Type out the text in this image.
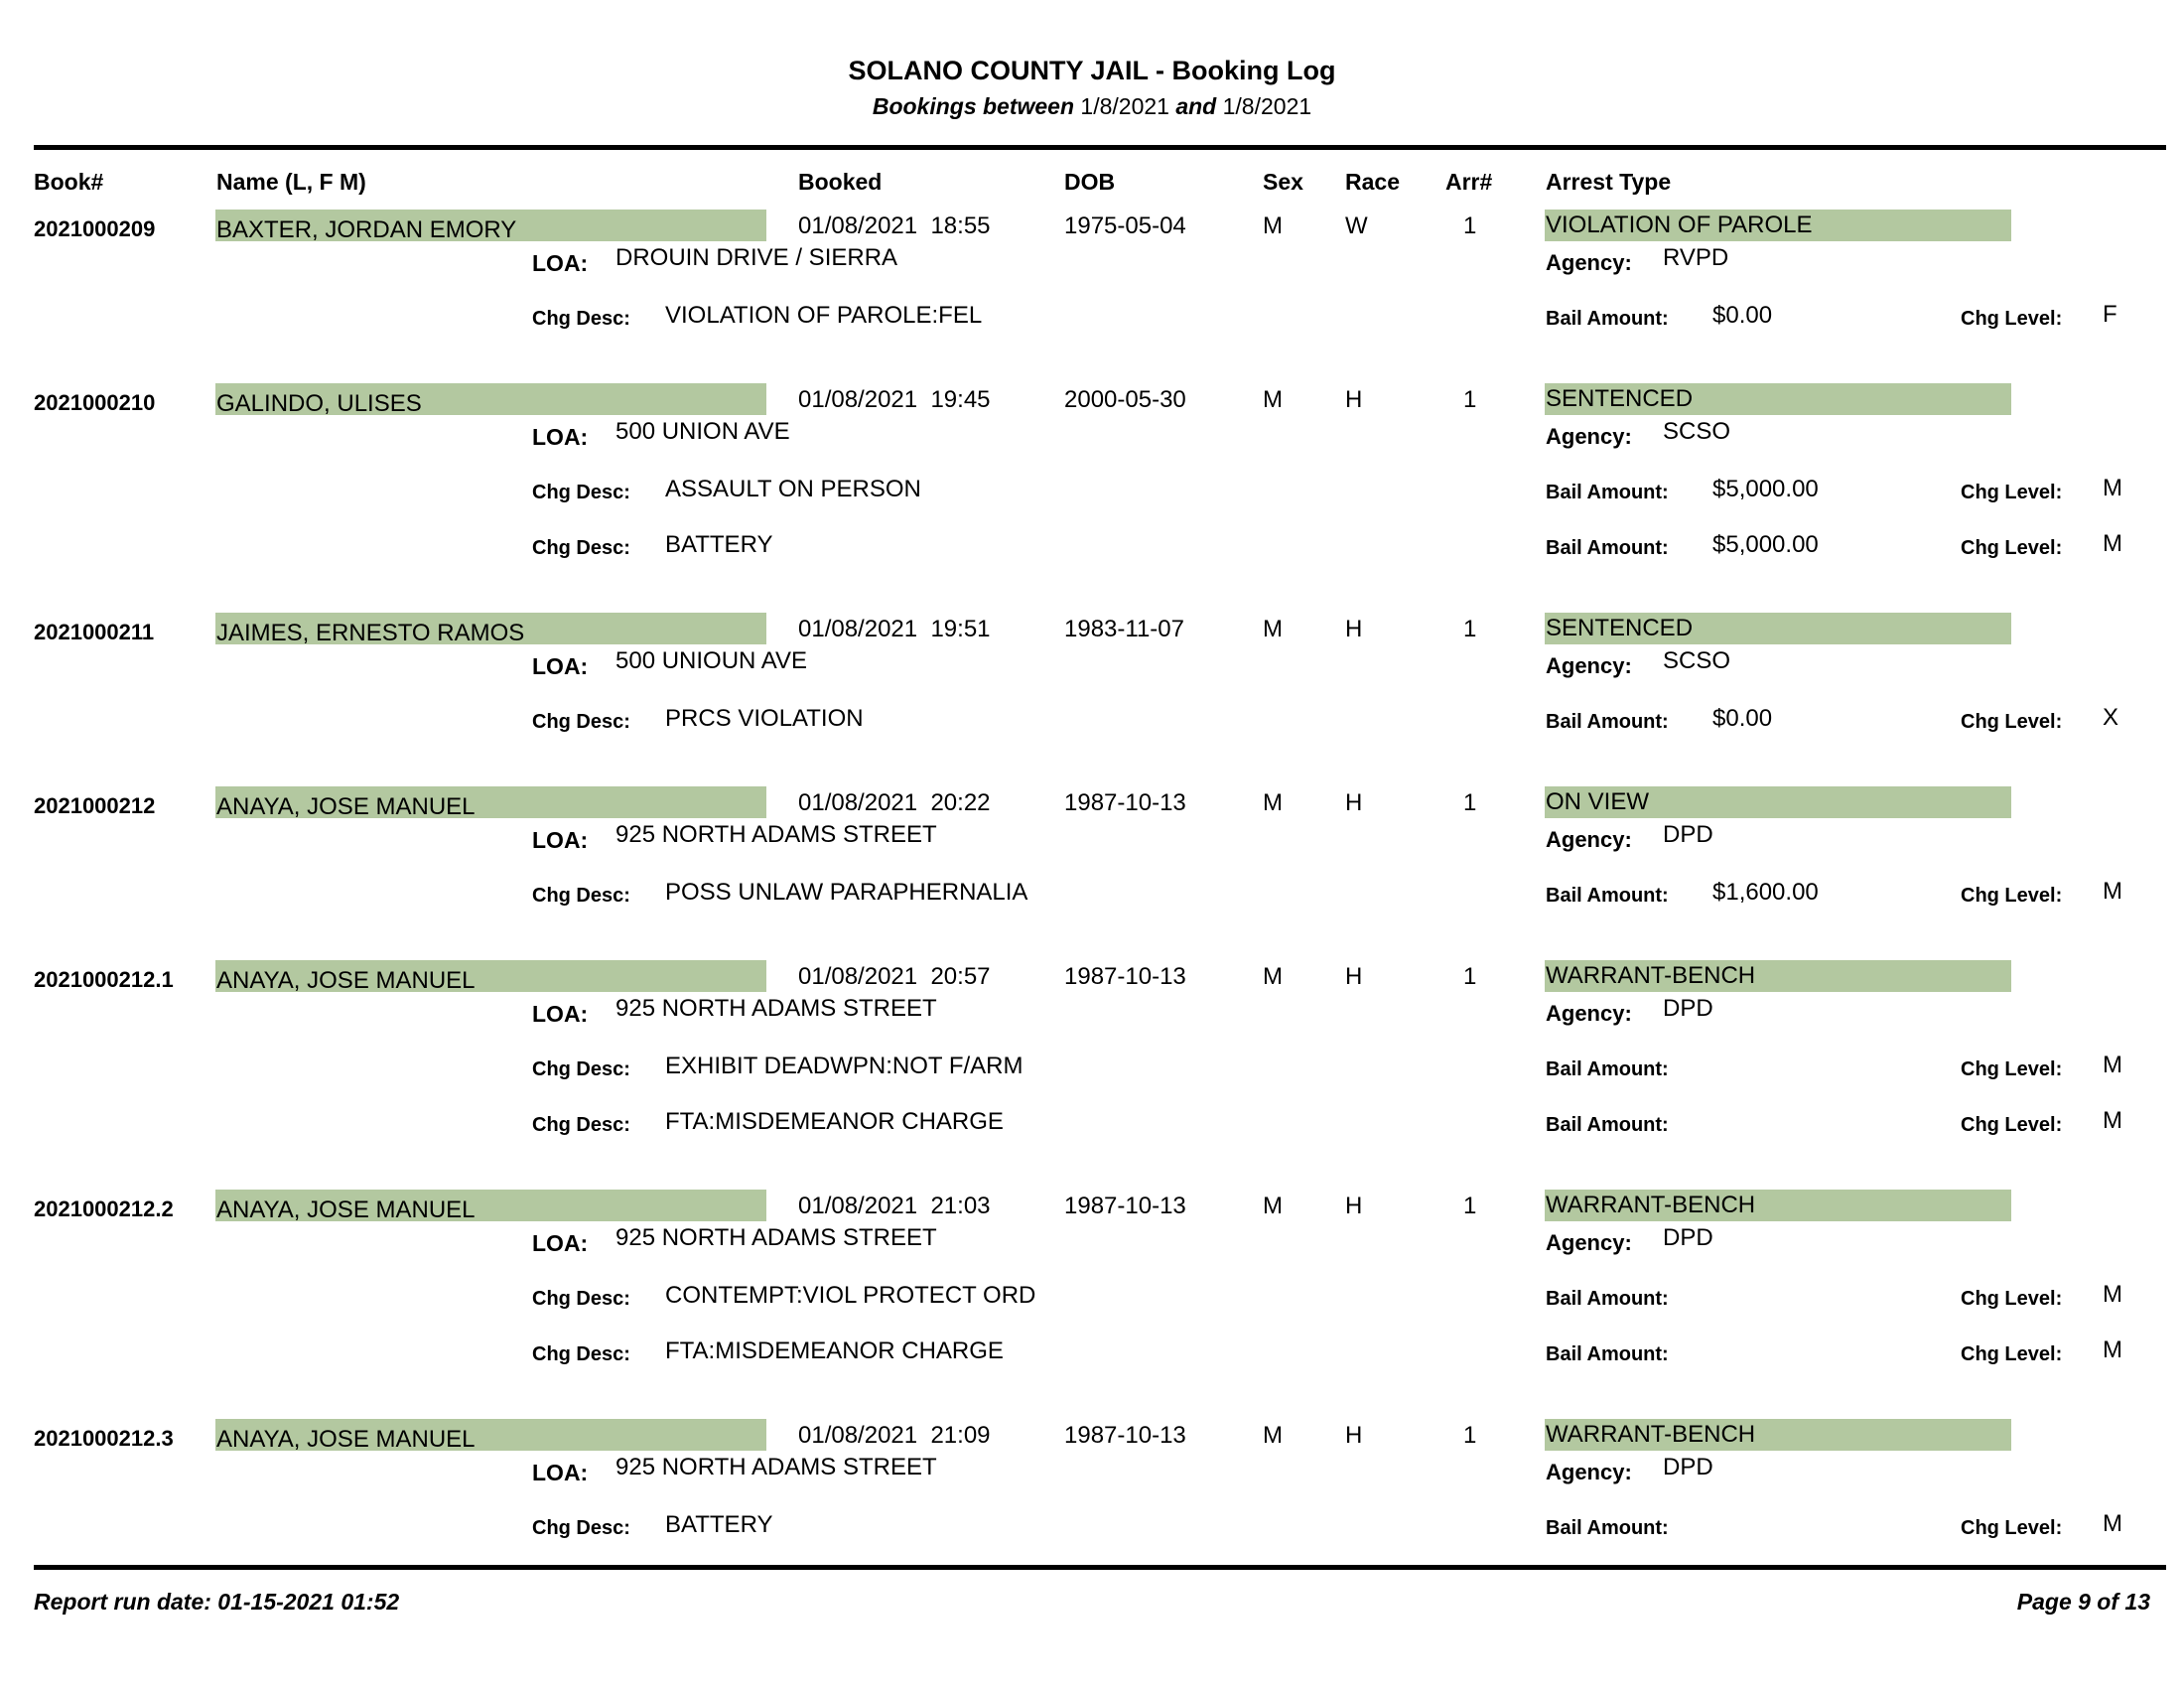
SOLANO COUNTY JAIL - Booking Log
Bookings between 1/8/2021 and 1/8/2021
Book#	Name (L, F M)	Booked	DOB	Sex Race Arr# Arrest Type
2021000209	BAXTER, JORDAN EMORY	01/08/2021  18:55	1975-05-04	M	W	1	VIOLATION OF PAROLE
LOA: DROUIN DRIVE / SIERRA	Agency: RVPD
Chg Desc: VIOLATION OF PAROLE:FEL	Bail Amount: $0.00	Chg Level: F
2021000210	GALINDO, ULISES	01/08/2021  19:45	2000-05-30	M	H	1	SENTENCED
LOA: 500 UNION AVE	Agency: SCSO
Chg Desc: ASSAULT ON PERSON	Bail Amount: $5,000.00	Chg Level: M
Chg Desc: BATTERY	Bail Amount: $5,000.00	Chg Level: M
2021000211	JAIMES, ERNESTO RAMOS	01/08/2021  19:51	1983-11-07	M	H	1	SENTENCED
LOA: 500 UNIOUN AVE	Agency: SCSO
Chg Desc: PRCS VIOLATION	Bail Amount: $0.00	Chg Level: X
2021000212	ANAYA, JOSE MANUEL	01/08/2021  20:22	1987-10-13	M	H	1	ON VIEW
LOA: 925 NORTH ADAMS STREET	Agency: DPD
Chg Desc: POSS UNLAW PARAPHERNALIA	Bail Amount: $1,600.00	Chg Level: M
2021000212.1 ANAYA, JOSE MANUEL	01/08/2021  20:57	1987-10-13	M	H	1	WARRANT-BENCH
LOA: 925 NORTH ADAMS STREET	Agency: DPD
Chg Desc: EXHIBIT DEADWPN:NOT F/ARM	Bail Amount:	Chg Level: M
Chg Desc: FTA:MISDEMEANOR CHARGE	Bail Amount:	Chg Level: M
2021000212.2 ANAYA, JOSE MANUEL	01/08/2021  21:03	1987-10-13	M	H	1	WARRANT-BENCH
LOA: 925 NORTH ADAMS STREET	Agency: DPD
Chg Desc: CONTEMPT:VIOL PROTECT ORD	Bail Amount:	Chg Level: M
Chg Desc: FTA:MISDEMEANOR CHARGE	Bail Amount:	Chg Level: M
2021000212.3 ANAYA, JOSE MANUEL	01/08/2021  21:09	1987-10-13	M	H	1	WARRANT-BENCH
LOA: 925 NORTH ADAMS STREET	Agency: DPD
Chg Desc: BATTERY	Bail Amount:	Chg Level: M
Report run date: 01-15-2021 01:52	Page 9 of 13
